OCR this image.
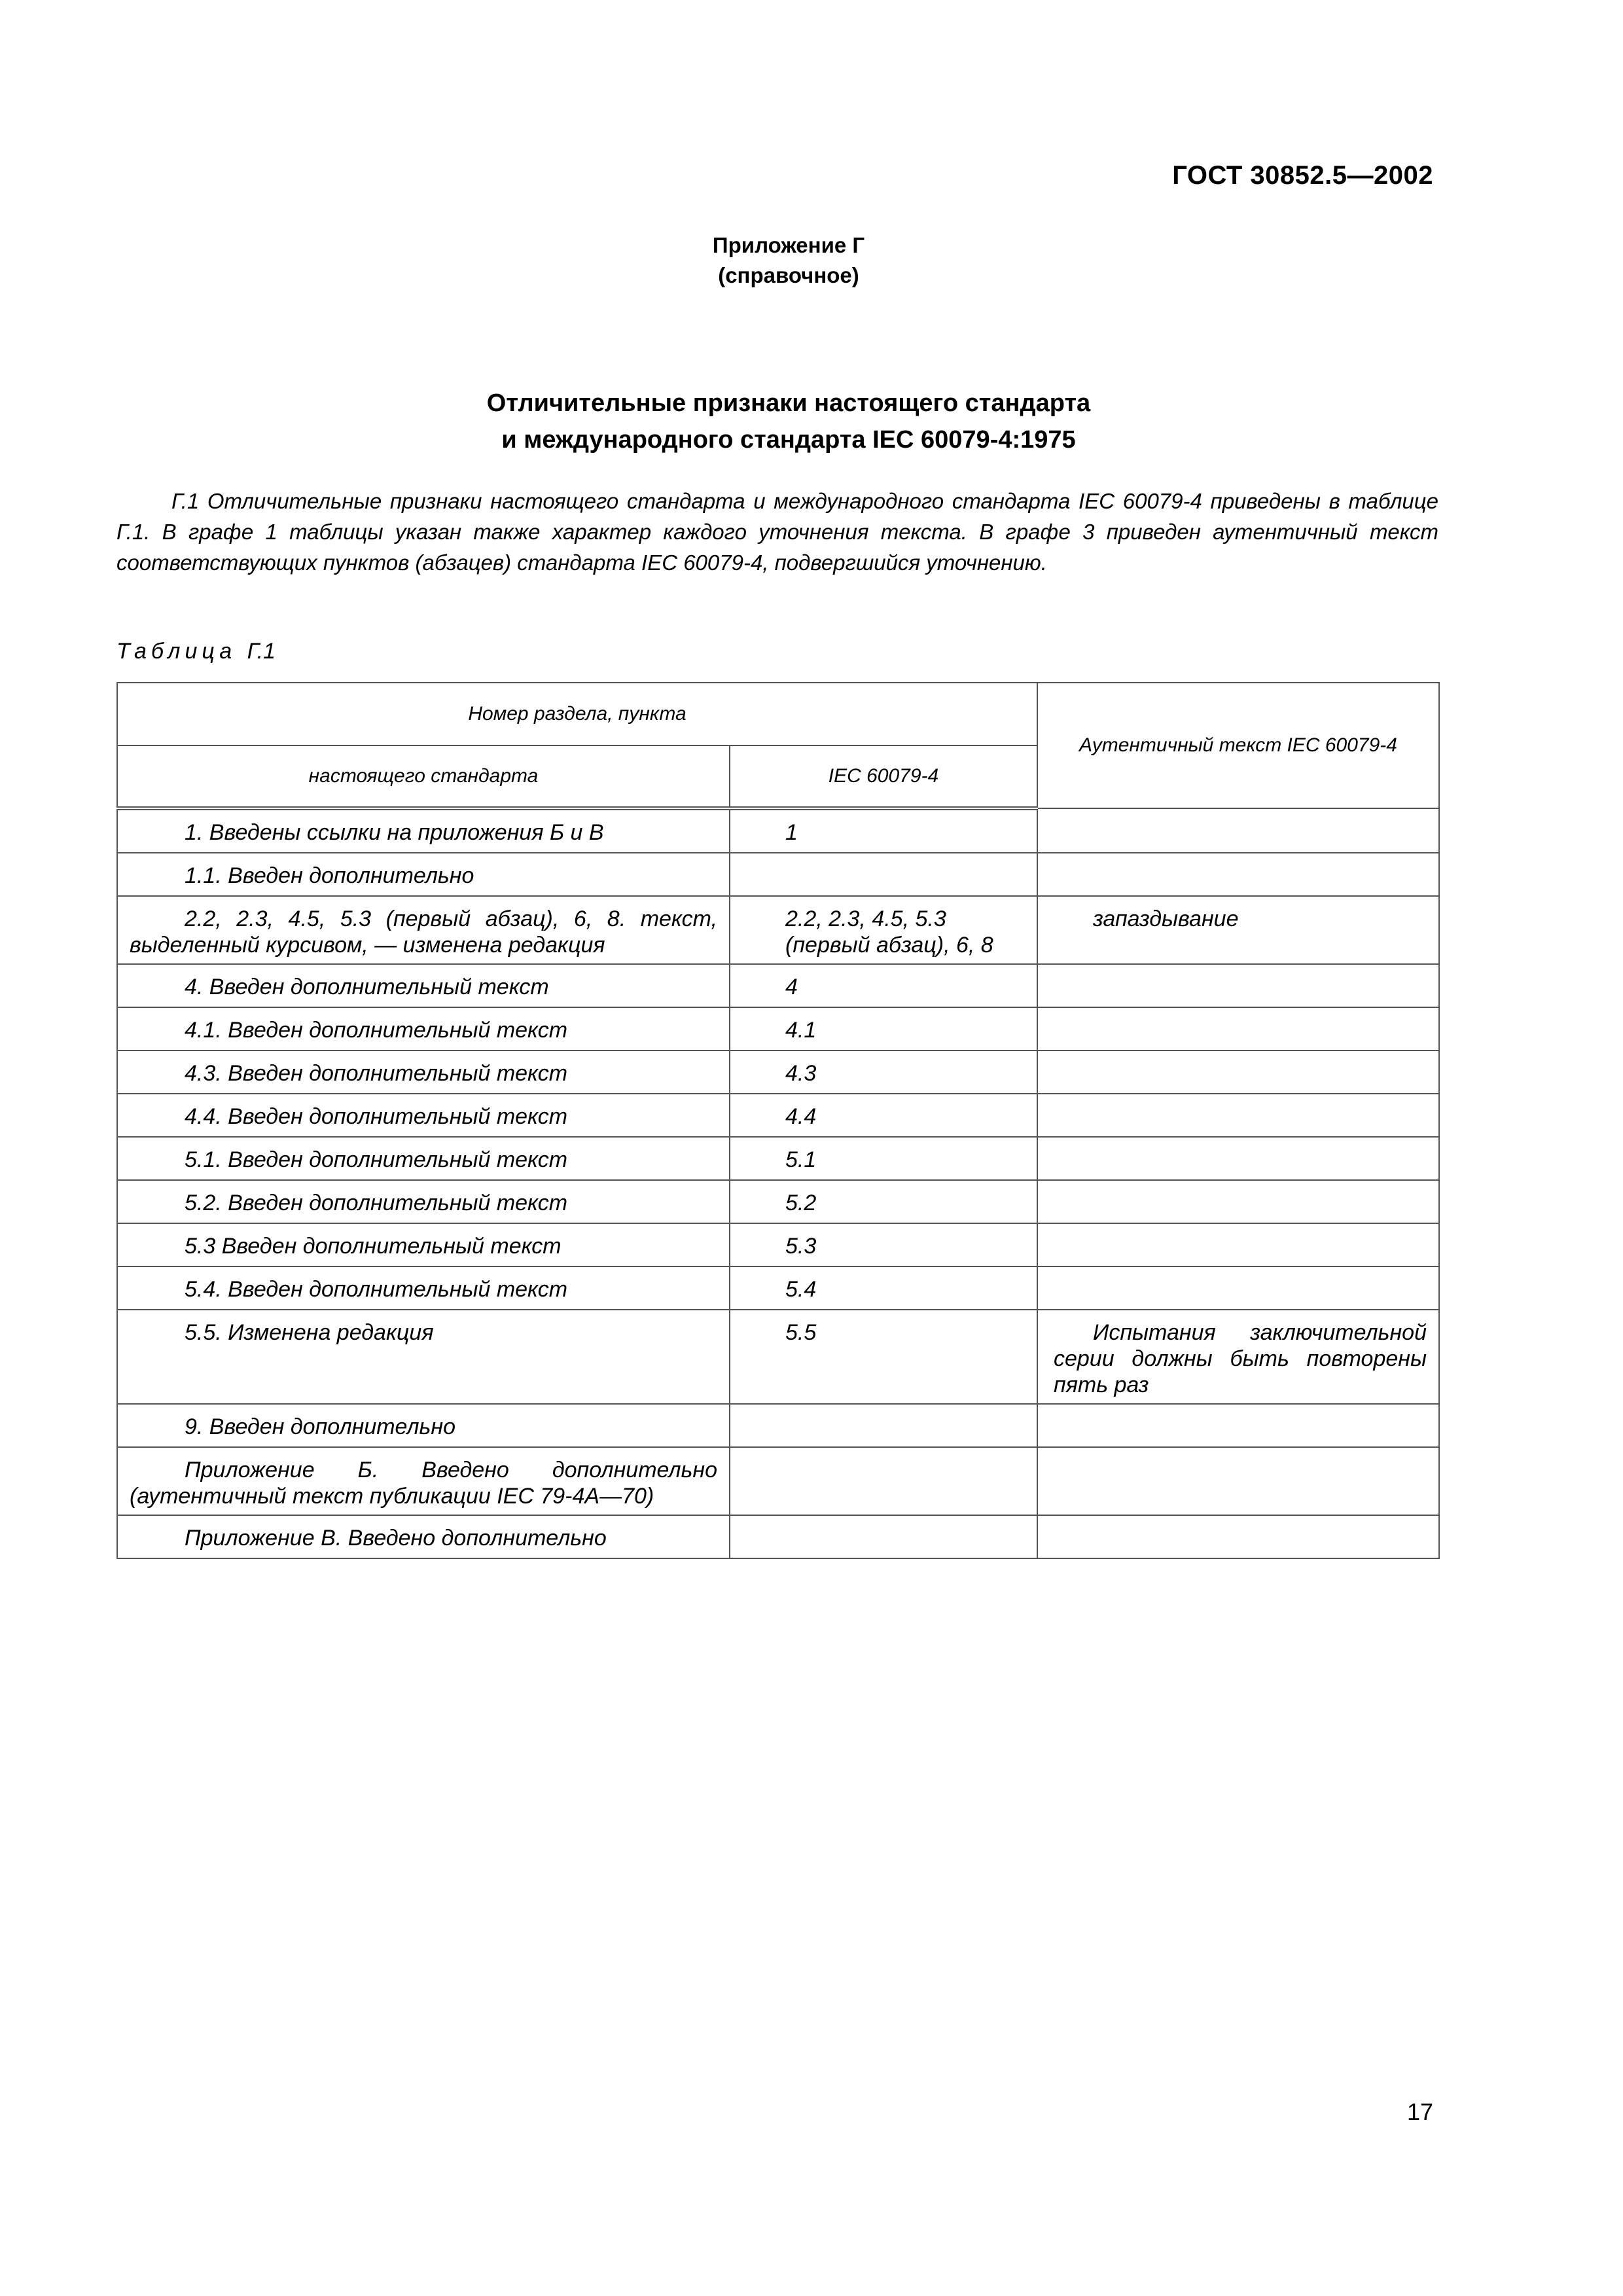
ГОСТ 30852.5—2002
Приложение Г
(справочное)
Отличительные признаки настоящего стандарта
и международного стандарта IEC 60079-4:1975

Г.1 Отличительные признаки настоящего стандарта и международного стандарта IEC 60079-4 приведены в таблице Г.1. В графе 1 таблицы указан также характер каждого уточнения текста. В графе 3 приведен аутентичный текст соответствующих пунктов (абзацев) стандарта IEC 60079-4, подвергшийся уточнению.

Таблица Г.1
Номер раздела, пункта		Аутентичный текст IEC 60079-4
настоящего стандарта	IEC 60079-4	
1. Введены ссылки на приложения Б и В	1	
1.1. Введен дополнительно		
2.2, 2.3, 4.5, 5.3 (первый абзац), 6, 8. текст, выделенный курсивом, — изменена редакция	2.2, 2.3, 4.5, 5.3 (первый абзац), 6, 8	запаздывание
4. Введен дополнительный текст	4	
4.1. Введен дополнительный текст	4.1	
4.3. Введен дополнительный текст	4.3	
4.4. Введен дополнительный текст	4.4	
5.1. Введен дополнительный текст	5.1	
5.2. Введен дополнительный текст	5.2	
5.3 Введен дополнительный текст	5.3	
5.4. Введен дополнительный текст	5.4	
5.5. Изменена редакция	5.5	Испытания заключительной серии должны быть повторены пять раз
9. Введен дополнительно		
Приложение Б. Введено дополнительно (аутентичный текст публикации IEC 79-4A—70)		
Приложение В. Введено дополнительно		
17
